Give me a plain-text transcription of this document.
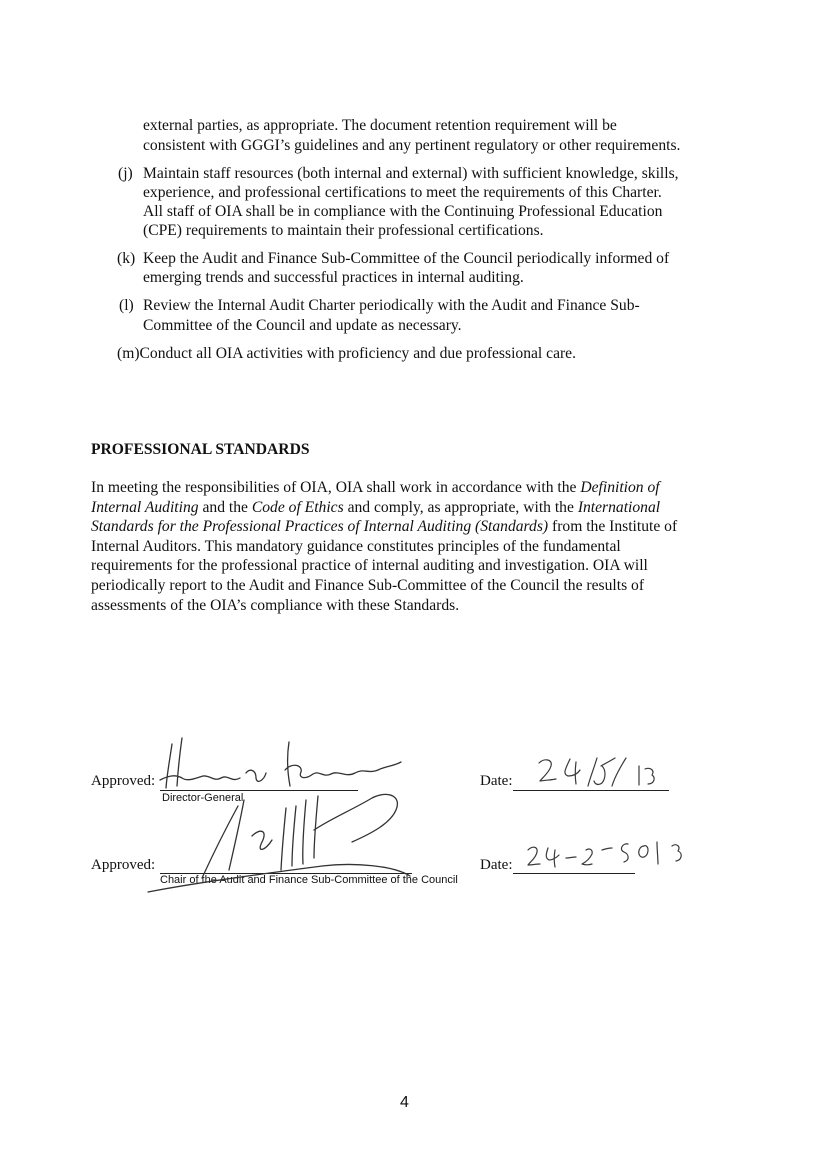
external parties, as appropriate. The document retention requirement will be
consistent with GGGI’s guidelines and any pertinent regulatory or other requirements.
(j) Maintain staff resources (both internal and external) with sufficient knowledge, skills,
experience, and professional certifications to meet the requirements of this Charter.
All staff of OIA shall be in compliance with the Continuing Professional Education
(CPE) requirements to maintain their professional certifications.
(k) Keep the Audit and Finance Sub-Committee of the Council periodically informed of
emerging trends and successful practices in internal auditing.
(l) Review the Internal Audit Charter periodically with the Audit and Finance Sub-
Committee of the Council and update as necessary.
(m)Conduct all OIA activities with proficiency and due professional care.
PROFESSIONAL STANDARDS

In meeting the responsibilities of OIA, OIA shall work in accordance with the Definition of

Internal Auditing and the Code of Ethics and comply, as appropriate, with the International

Standards for the Professional Practices of Internal Auditing (Standards) from the Institute of

Internal Auditors. This mandatory guidance constitutes principles of the fundamental

requirements for the professional practice of internal auditing and investigation. OIA will

periodically report to the Audit and Finance Sub-Committee of the Council the results of

assessments of the OIA’s compliance with these Standards.

Approved:
Director-General
Date:
Approved:
Chair of the Audit and Finance Sub-Committee of the Council
Date:
4
